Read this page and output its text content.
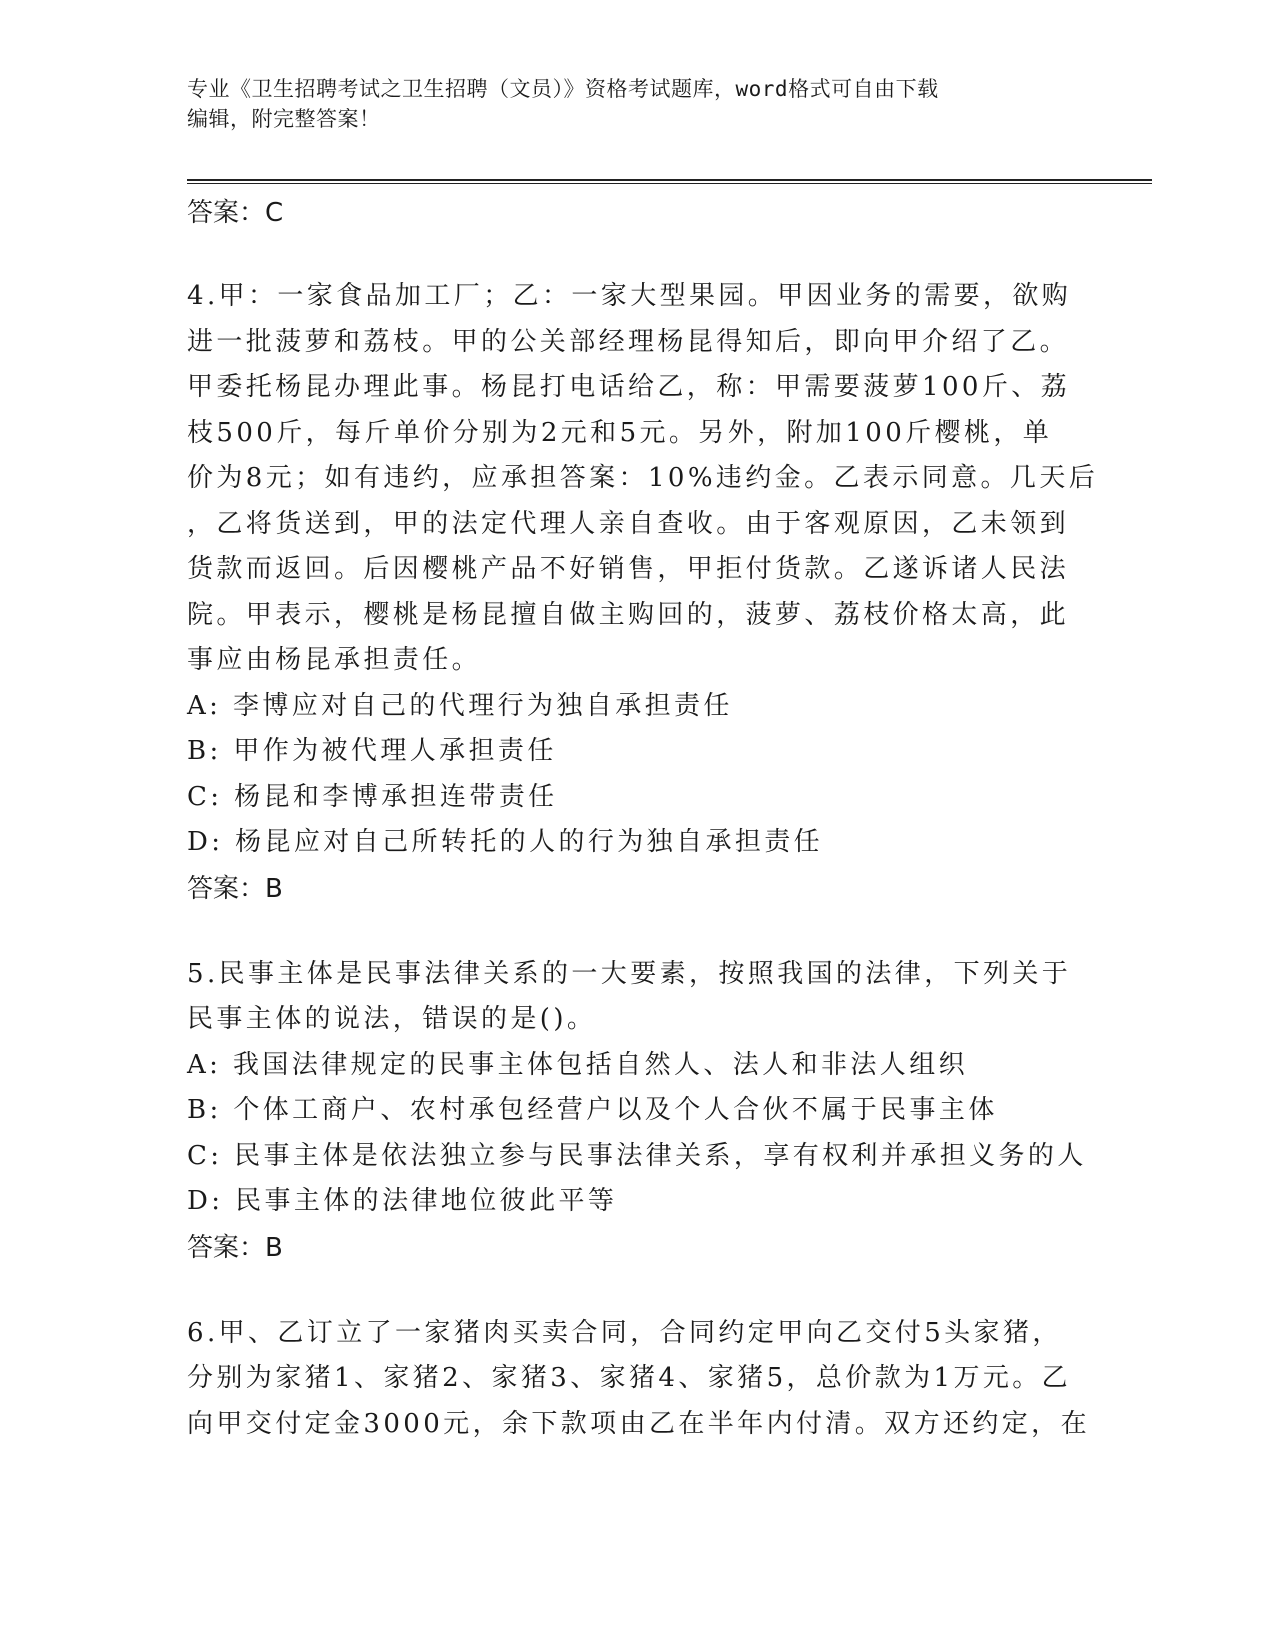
专业《卫生招聘考试之卫生招聘（文员）》资格考试题库，word格式可自由下载
编辑，附完整答案！
答案：C
4.甲：一家食品加工厂；乙：一家大型果园。甲因业务的需要，欲购
进一批菠萝和荔枝。甲的公关部经理杨昆得知后，即向甲介绍了乙。
甲委托杨昆办理此事。杨昆打电话给乙，称：甲需要菠萝100斤、荔
枝500斤，每斤单价分别为2元和5元。另外，附加100斤樱桃，单
价为8元；如有违约，应承担答案：10%违约金。乙表示同意。几天后
，乙将货送到，甲的法定代理人亲自查收。由于客观原因，乙未领到
货款而返回。后因樱桃产品不好销售，甲拒付货款。乙遂诉诸人民法
院。甲表示，樱桃是杨昆擅自做主购回的，菠萝、荔枝价格太高，此
事应由杨昆承担责任。
A: 李博应对自己的代理行为独自承担责任
B: 甲作为被代理人承担责任
C: 杨昆和李博承担连带责任
D: 杨昆应对自己所转托的人的行为独自承担责任
答案：B
5.民事主体是民事法律关系的一大要素，按照我国的法律，下列关于
民事主体的说法，错误的是()。
A: 我国法律规定的民事主体包括自然人、法人和非法人组织
B: 个体工商户、农村承包经营户以及个人合伙不属于民事主体
C: 民事主体是依法独立参与民事法律关系，享有权利并承担义务的人
D: 民事主体的法律地位彼此平等
答案：B
6.甲、乙订立了一家猪肉买卖合同，合同约定甲向乙交付5头家猪，
分别为家猪1、家猪2、家猪3、家猪4、家猪5，总价款为1万元。乙
向甲交付定金3000元，余下款项由乙在半年内付清。双方还约定，在
